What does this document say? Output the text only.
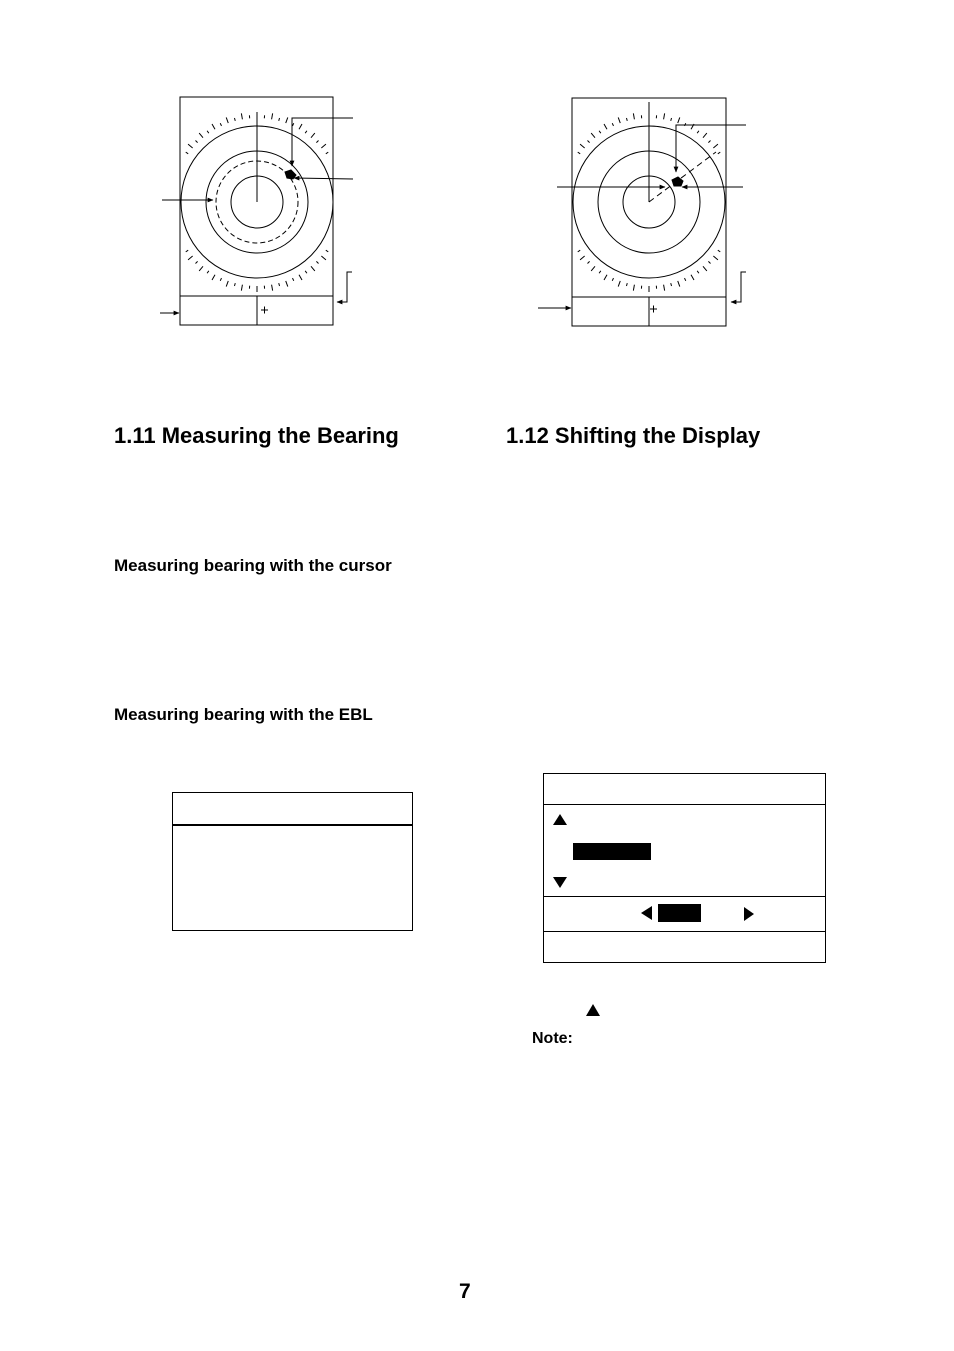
1.11 Measuring the Bearing	1.12 Shifting the Display
Measuring bearing with the cursor
Measuring bearing with the EBL
Note:
7
